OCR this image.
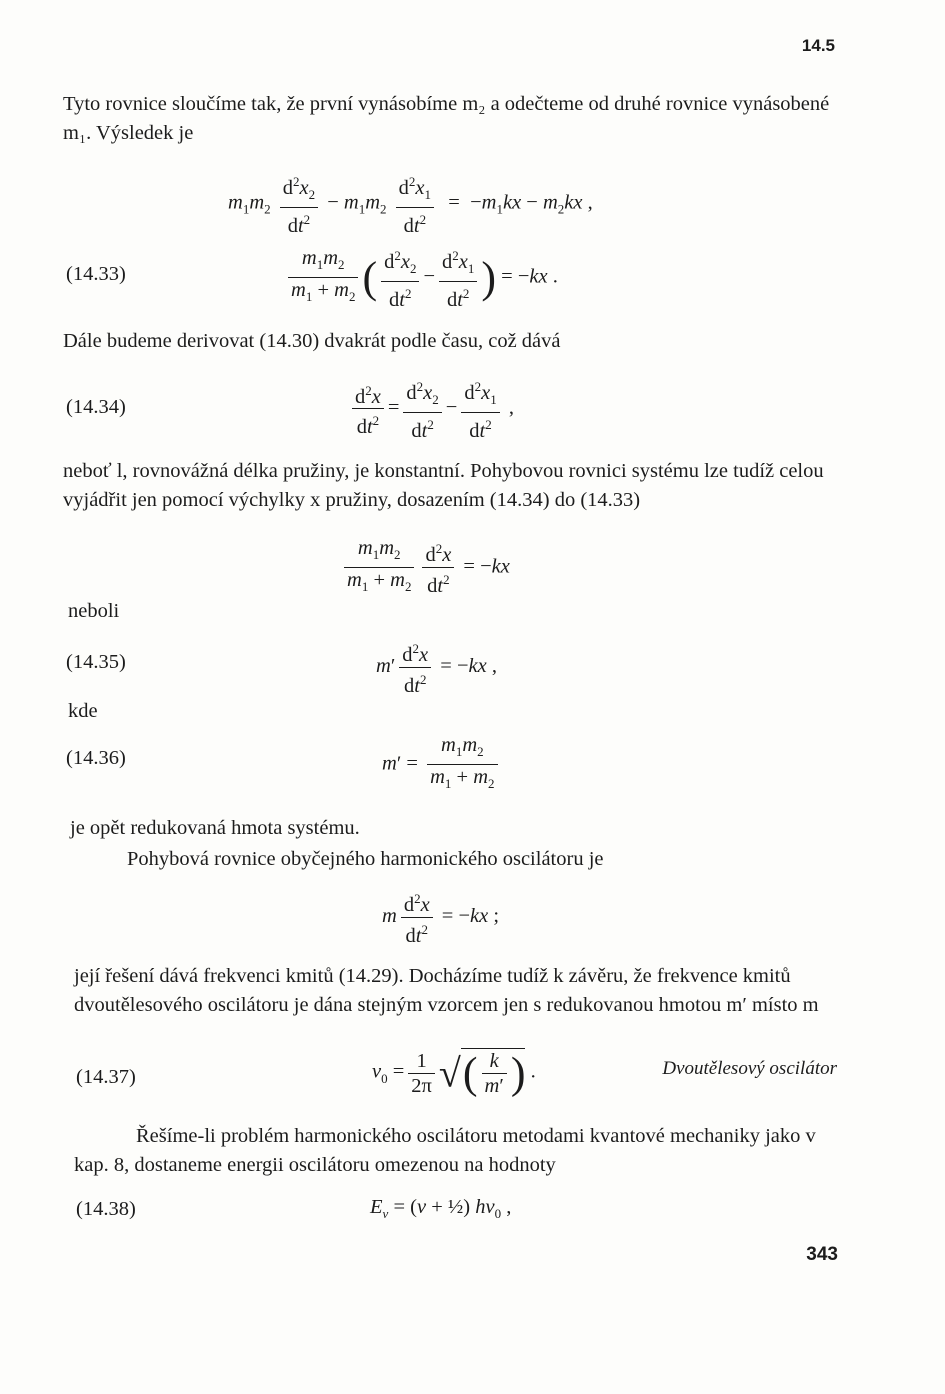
14.5
Tyto rovnice sloučíme tak, že první vynásobíme m₂ a odečteme od druhé rovnice vynásobené m₁. Výsledek je
$m_1m_2 \frac{d^2x_2}{dt^2} - m_1m_2 \frac{d^2x_1}{dt^2} = -m_1kx - m_2kx$ ,
(14.33)	$\frac{m_1m_2}{m_1 + m_2}$ ( $\frac{d^2x_2}{dt^2} - \frac{d^2x_1}{dt^2}$ ) = −kx .
Dále budeme derivovat (14.30) dvakrát podle času, což dává
(14.34)	$\frac{d^2x}{dt^2} = \frac{d^2x_2}{dt^2} - \frac{d^2x_1}{dt^2}$ ,
neboť l, rovnovážná délka pružiny, je konstantní. Pohybovou rovnici systému lze tudíž celou vyjádřit jen pomocí výchylky x pružiny, dosazením (14.34) do (14.33)
$\frac{m_1m_2}{m_1 + m_2} \frac{d^2x}{dt^2} = -kx$
neboli
(14.35)	$m' \frac{d^2x}{dt^2} = -kx$ ,
kde
(14.36)	$m' = \frac{m_1m_2}{m_1 + m_2}$
je opět redukovaná hmota systému.
Pohybová rovnice obyčejného harmonického oscilátoru je
m $\frac{d^2x}{dt^2} = -kx$ ;
její řešení dává frekvenci kmitů (14.29). Docházíme tudíž k závěru, že frekvence kmitů dvoutělesového oscilátoru je dána stejným vzorcem jen s redukovanou hmotou m′ místo m
(14.37)	$\nu_0 = \frac{1}{2\pi}$ √( $\frac{k}{m'}$ ) .	Dvoutělesový oscilátor
Řešíme-li problém harmonického oscilátoru metodami kvantové mechaniky jako v kap. 8, dostaneme energii oscilátoru omezenou na hodnoty
(14.38)	$E_v = (v$ + ½) $h\nu_0$ ,
343
